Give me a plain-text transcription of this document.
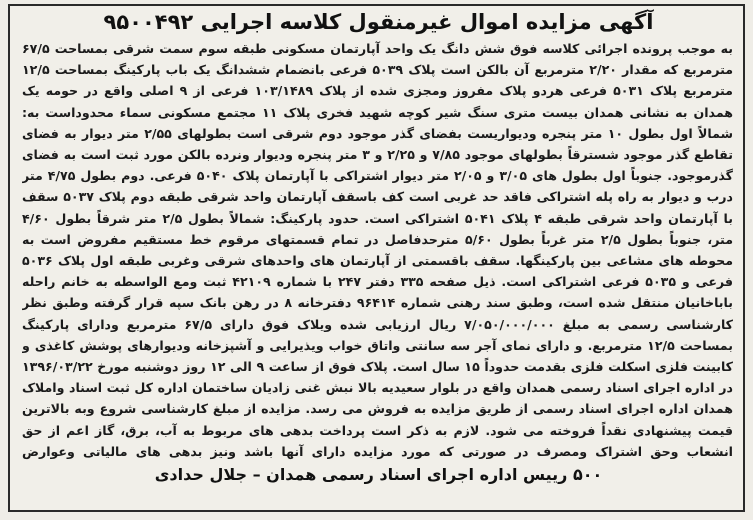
آگهی مزایده اموال غیرمنقول کلاسه اجرایی ۹۵۰۰۴۹۲
به موجب پرونده اجرائی کلاسه فوق شش دانگ یک واحد آپارتمان مسکونی طبقه سوم سمت شرقی بمساحت ۶۷/۵ مترمربع که مقدار ۲/۲۰ مترمربع آن بالکن است پلاک ۵۰۳۹ فرعی بانضمام ششدانگ یک باب پارکینگ بمساحت ۱۲/۵ مترمربع پلاک ۵۰۳۱ فرعی هردو پلاک مفروز ومجزی شده از پلاک ۱۰۳/۱۴۸۹ فرعی از ۹ اصلی واقع در حومه یک همدان به نشانی همدان بیست متری سنگ شیر کوچه شهید فخری پلاک ۱۱ مجتمع مسکونی سماء محدوداست به: شمالاً اول بطول ۱۰ متر پنجره ودیواریست بفضای گذر موجود دوم شرقی است بطولهای ۲/۵۵ متر دیوار به فضای تقاطع گذر موجود شسترقاً بطولهای موجود ۷/۸۵ و ۲/۲۵ و ۳ متر پنجره ودیوار ونرده بالکن مورد ثبت است به فضای گذرموجود. جنوباً اول بطول های ۳/۰۵ و ۲/۰۵ متر دیوار اشتراکی با آپارتمان پلاک ۵۰۴۰ فرعی. دوم بطول ۴/۷۵ متر درب و دیوار به راه پله اشتراکی فاقد حد غربی است کف باسقف آپارتمان واحد شرقی طبقه دوم پلاک ۵۰۳۷ سقف با آپارتمان واحد شرقی طبقه ۴ پلاک ۵۰۴۱ اشتراکی است. حدود پارکینگ: شمالاً بطول ۲/۵ متر شرقاً بطول ۴/۶۰ متر، جنوباً بطول ۲/۵ متر غرباً بطول ۵/۶۰ مترحدفاصل در تمام قسمتهای مرقوم خط مستقیم مفروض است به محوطه های مشاعی بین پارکینگها. سقف باقسمتی از آپارتمان های واحدهای شرقی وغربی طبقه اول پلاک ۵۰۳۶ فرعی و ۵۰۳۵ فرعی اشتراکی است. ذیل صفحه ۳۳۵ دفتر ۲۴۷ با شماره ۴۲۱۰۹ ثبت ومع الواسطه به خانم راحله باباخانیان منتقل شده است، وطبق سند رهنی شماره ۹۶۴۱۴ دفترخانه ۸ در رهن بانک سپه قرار گرفته وطبق نظر کارشناسی رسمی به مبلغ ۷/۰۵۰/۰۰۰/۰۰۰ ریال ارزیابی شده ویلاک فوق دارای ۶۷/۵ مترمربع ودارای پارکینگ بمساحت ۱۲/۵ مترمربع. و دارای نمای آجر سه سانتی واتاق خواب ویذیرایی و آشپزخانه ودیوارهای پوشش کاغذی و کابینت فلزی اسکلت فلزی بقدمت حدوداً ۱۵ سال است. پلاک فوق از ساعت ۹ الی ۱۲ روز دوشنبه مورخ ۱۳۹۶/۰۳/۲۲ در اداره اجرای اسناد رسمی همدان واقع در بلوار سعیدیه بالا نبش غنی زادیان ساختمان اداره کل ثبت اسناد واملاک همدان اداره اجرای اسناد رسمی از طریق مزایده به فروش می رسد. مزایده از مبلغ کارشناسی شروع وبه بالاترین قیمت پیشنهادی نقداً فروخته می شود. لازم به ذکر است پرداخت بدهی های مربوط به آب، برق، گاز اعم از حق انشعاب وحق اشتراک ومصرف در صورتی که مورد مزایده دارای آنها باشد ونیز بدهی های مالیاتی وعوارض
۵۰۰ رییس اداره اجرای اسناد رسمی همدان – جلال حدادی
